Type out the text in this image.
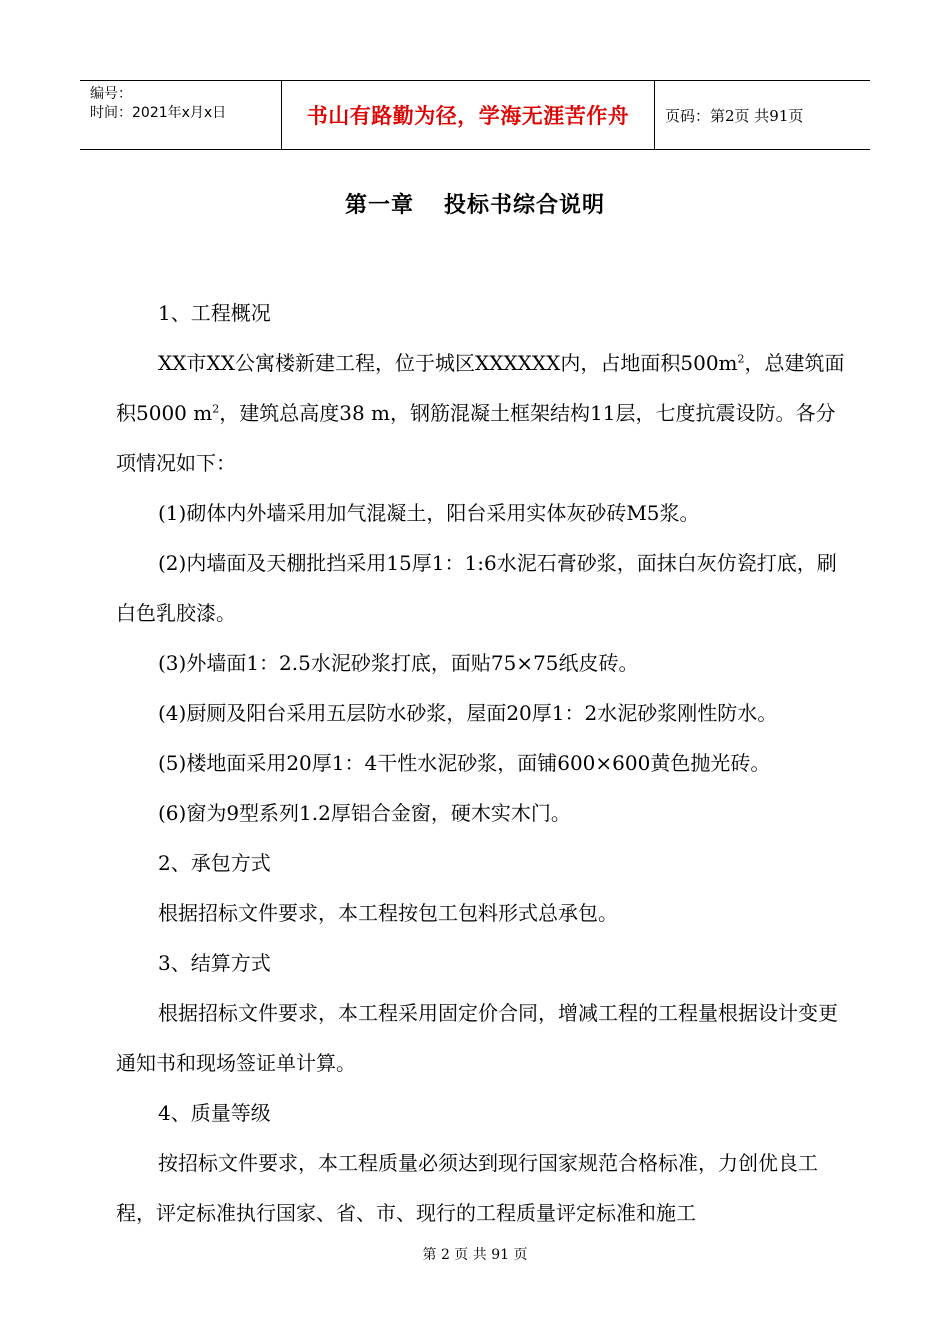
编号：
时间：2021年x月x日	书山有路勤为径，学海无涯苦作舟 页码：第2页 共91页
第一章 投标书综合说明

1、工程概况

XX市XX公寓楼新建工程，位于城区XXXXXX内，占地面积$500m^2$，总建筑面积5000 $m^2$，建筑总高度38 m，钢筋混凝土框架结构11层，七度抗震设防。各分项情况如下：

(1)砌体内外墙采用加气混凝土，阳台采用实体灰砂砖M5浆。

(2)内墙面及天棚批挡采用15厚1：1:6水泥石膏砂浆，面抹白灰仿瓷打底，刷白色乳胶漆。

(3)外墙面1：2.5水泥砂浆打底，面贴75×75纸皮砖。

(4)厨厕及阳台采用五层防水砂浆，屋面20厚1：2水泥砂浆刚性防水。

(5)楼地面采用20厚1：4干性水泥砂浆，面铺600×600黄色抛光砖。

(6)窗为9型系列1.2厚铝合金窗，硬木实木门。

2、承包方式

根据招标文件要求，本工程按包工包料形式总承包。

3、结算方式

根据招标文件要求，本工程采用固定价合同，增减工程的工程量根据设计变更通知书和现场签证单计算。

4、质量等级

按招标文件要求，本工程质量必须达到现行国家规范合格标准，力创优良工程，评定标准执行国家、省、市、现行的工程质量评定标准和施工

第 2 页 共 91 页
